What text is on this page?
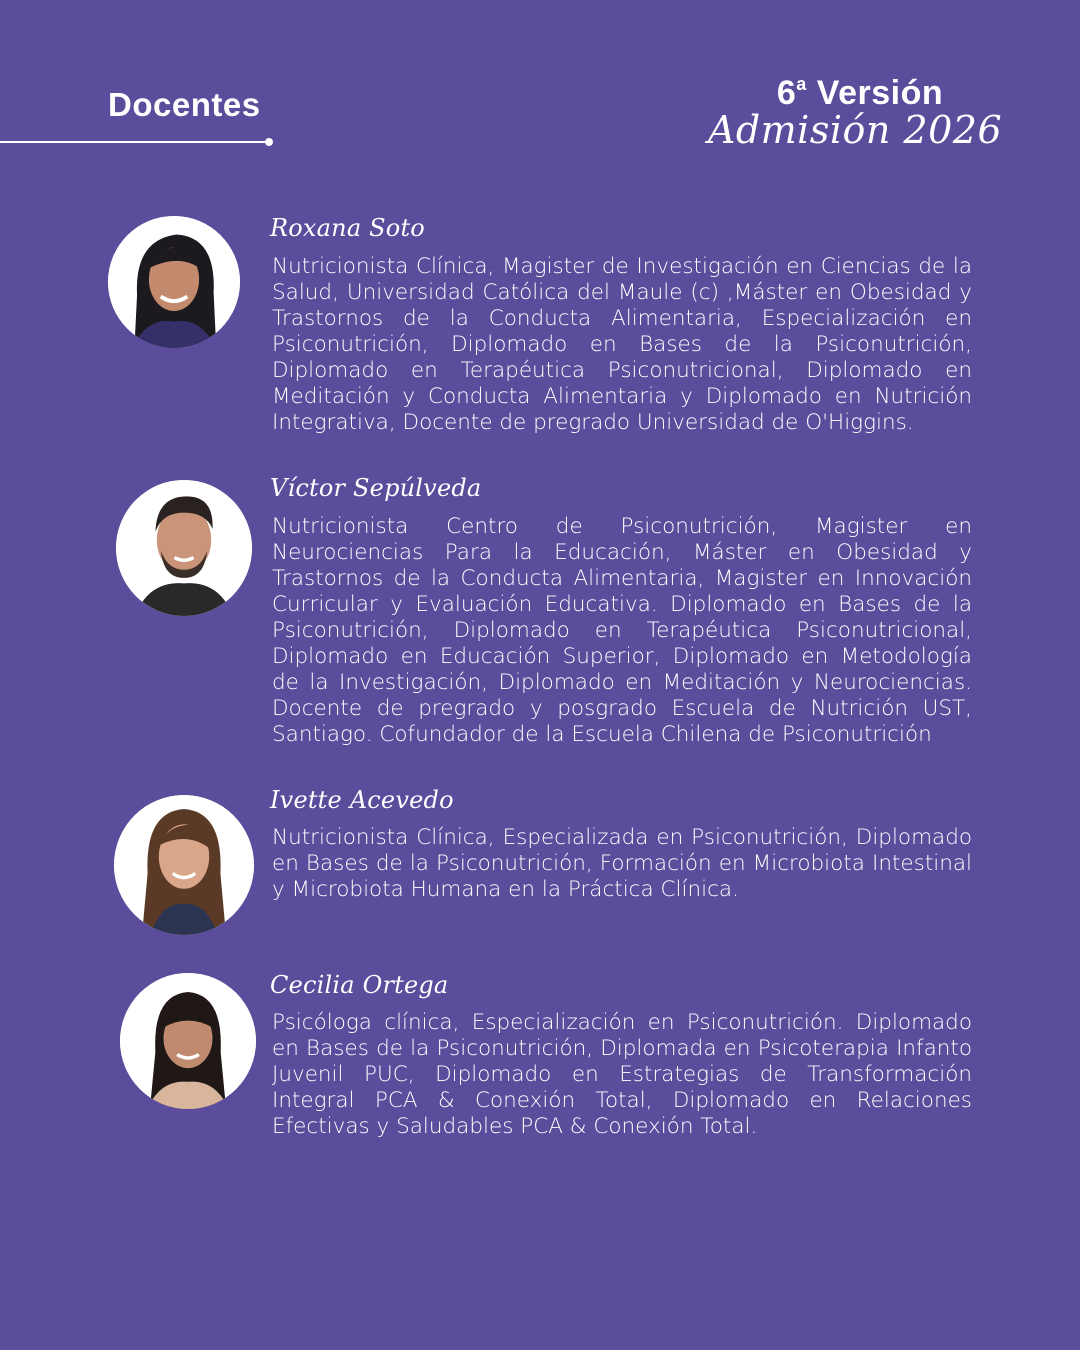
Docentes	6$^a$ Versión
Admisión 2026
Roxana Soto

Nutricionista Clínica, Magister de Investigación en Ciencias de la Salud, Universidad Católica del Maule (c) ,Máster en Obesidad y Trastornos de la Conducta Alimentaria, Especialización en Psiconutrición, Diplomado en Bases de la Psiconutrición, Diplomado en Terapéutica Psiconutricional, Diplomado en Meditación y Conducta Alimentaria y Diplomado en Nutrición Integrativa, Docente de pregrado Universidad de O'Higgins.

Víctor Sepúlveda

Nutricionista Centro de Psiconutrición, Magister en Neurociencias Para la Educación, Máster en Obesidad y Trastornos de la Conducta Alimentaria, Magister en Innovación Curricular y Evaluación Educativa. Diplomado en Bases de la Psiconutrición, Diplomado en Terapéutica Psiconutricional, Diplomado en Educación Superior, Diplomado en Metodología de la Investigación, Diplomado en Meditación y Neurociencias. Docente de pregrado y posgrado Escuela de Nutrición UST, Santiago. Cofundador de la Escuela Chilena de Psiconutrición

Ivette Acevedo

Nutricionista Clínica, Especializada en Psiconutrición, Diplomado en Bases de la Psiconutrición, Formación en Microbiota Intestinal y Microbiota Humana en la Práctica Clínica.

Cecilia Ortega

Psicóloga clínica, Especialización en Psiconutrición. Diplomado en Bases de la Psiconutrición, Diplomada en Psicoterapia Infanto Juvenil PUC, Diplomado en Estrategias de Transformación Integral PCA & Conexión Total, Diplomado en Relaciones Efectivas y Saludables PCA & Conexión Total.
